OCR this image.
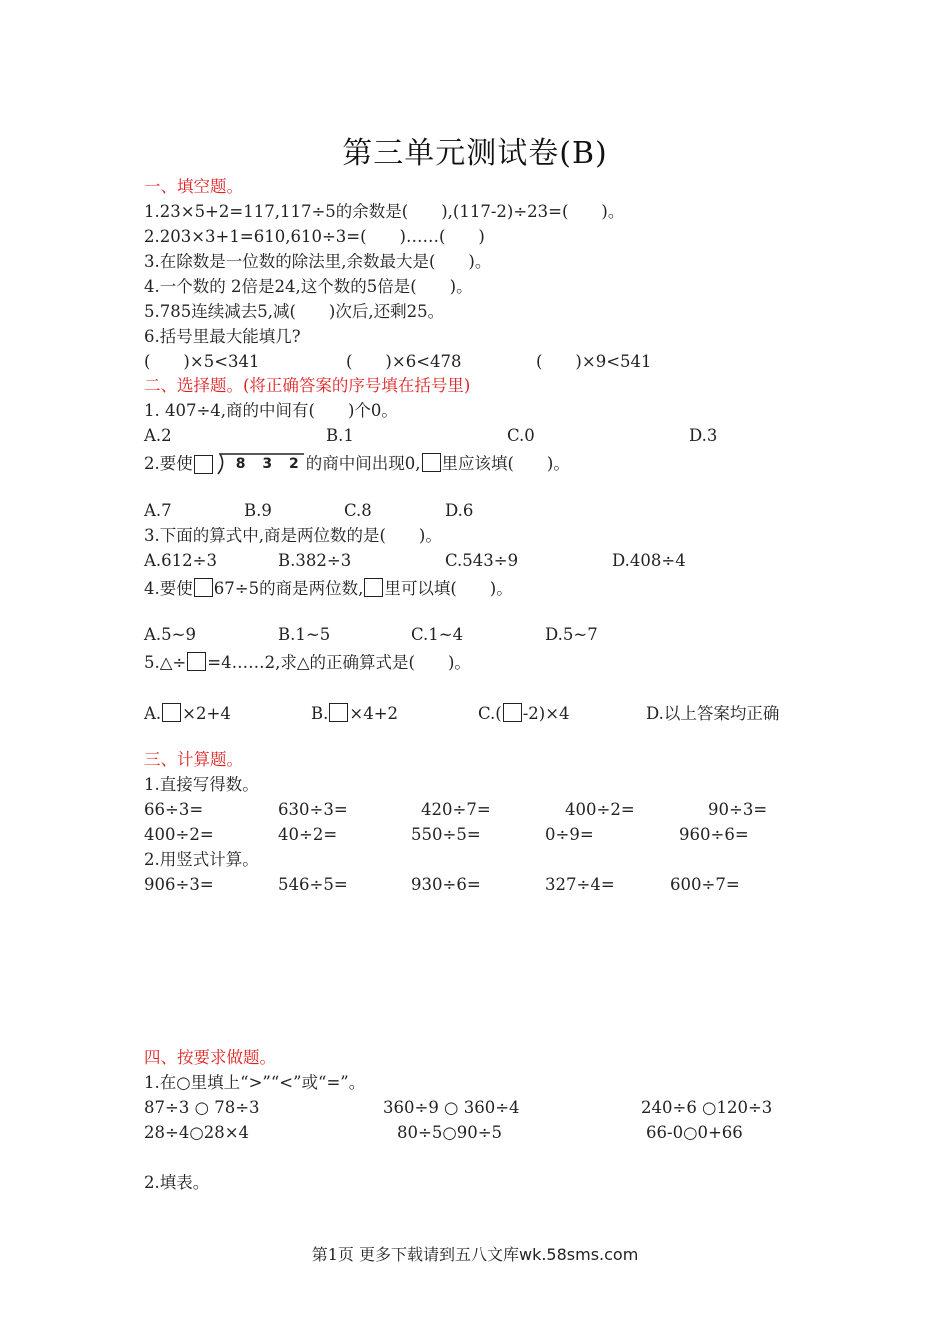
第三单元测试卷(B)
一、填空题。
1.23×5+2=117,117÷5的余数是(　　),(117-2)÷23=(　　)。
2.203×3+1=610,610÷3=(　　)……(　　)
3.在除数是一位数的除法里,余数最大是(　　)。
4.一个数的 2倍是24,这个数的5倍是(　　)。
5.785连续减去5,减(　　)次后,还剩25。
6.括号里最大能填几?
(　　)×5<341	(　　)×6<478	(　　)×9<541
二、选择题。(将正确答案的序号填在括号里)
1. 407÷4,商的中间有(　　)个0。
A.2	B.1	C.0	D.3
2.要使	8 3 2 的商中间出现0, 里应该填(　　)。
A.7	B.9	C.8	D.6
3.下面的算式中,商是两位数的是(　　)。
A.612÷3	B.382÷3	C.543÷9	D.408÷4
4.要使 67÷5的商是两位数, 里可以填(　　)。
A.5~9	B.1~5	C.1~4	D.5~7
5.△÷ =4……2,求△的正确算式是(　　)。
A. ×2+4	B. ×4+2	C.( -2)×4	D.以上答案均正确
三、计算题。
1.直接写得数。
66÷3=	630÷3=	420÷7=	400÷2=	90÷3=
400÷2=	40÷2=	550÷5=	0÷9=	960÷6=
2.用竖式计算。
906÷3=	546÷5=	930÷6=	327÷4=	600÷7=
四、按要求做题。
1.在○里填上“>”“<”或“=”。
87÷3 ○ 78÷3	360÷9 ○ 360÷4	240÷6 ○120÷3
28÷4○28×4	80÷5○90÷5	66-0○0+66
2.填表。
第1页 更多下载请到五八文库wk.58sms.com
